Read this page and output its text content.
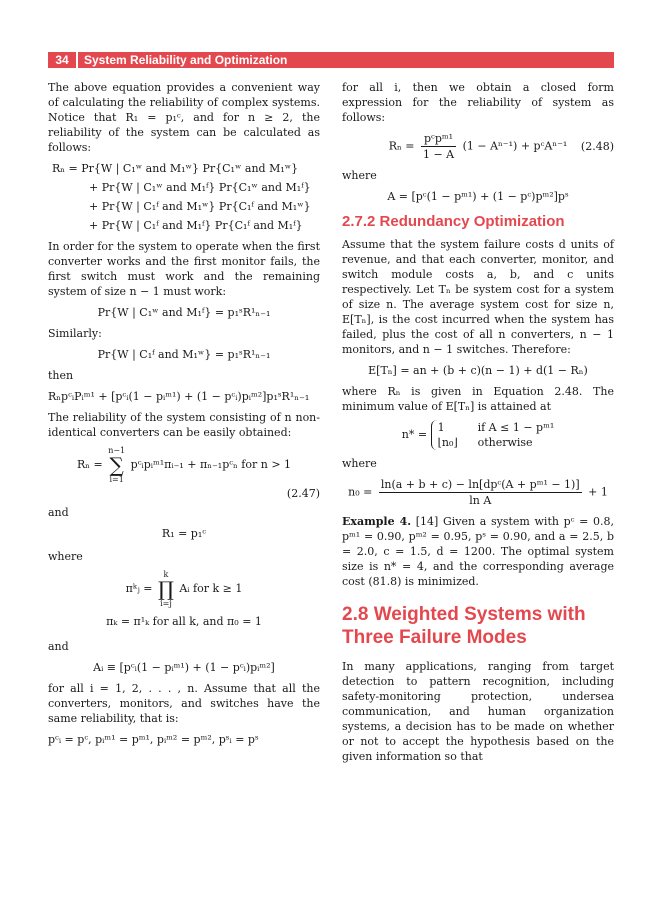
34	System Reliability and Optimization

The above equation provides a convenient way of calculating the reliability of complex systems. Notice that R₁ = p₁ᶜ, and for n ≥ 2, the reliability of the system can be calculated as follows:

Rₙ = Pr{W | C₁ʷ and M₁ʷ} Pr{C₁ʷ and M₁ʷ}
+ Pr{W | C₁ʷ and M₁ᶠ} Pr{C₁ʷ and M₁ᶠ}
+ Pr{W | C₁ᶠ and M₁ʷ} Pr{C₁ᶠ and M₁ʷ}
+ Pr{W | C₁ᶠ and M₁ᶠ} Pr{C₁ᶠ and M₁ᶠ}

In order for the system to operate when the first converter works and the first monitor fails, the first switch must work and the remaining system of size n − 1 must work:

Pr{W | C₁ʷ and M₁ᶠ} = p₁ˢR¹ₙ₋₁

Similarly:

Pr{W | C₁ᶠ and M₁ʷ} = p₁ˢR¹ₙ₋₁

then

RₙpᶜᵢPᵢᵐ¹ + [pᶜᵢ(1 − pᵢᵐ¹) + (1 − pᶜᵢ)pᵢᵐ²]p₁ˢR¹ₙ₋₁

The reliability of the system consisting of n non-identical converters can be easily obtained:

Rₙ =
n−1
∑
i=1
pᶜᵢpᵢᵐ¹πᵢ₋₁ + πₙ₋₁pᶜₙ for n > 1
(2.47)

and

R₁ = p₁ᶜ

where

πᵏⱼ =
k
∏
i=j
Aᵢ for k ≥ 1
πₖ = π¹ₖ for all k, and π₀ = 1

and

Aᵢ ≡ [pᶜᵢ(1 − pᵢᵐ¹) + (1 − pᶜᵢ)pᵢᵐ²]

for all i = 1, 2, . . . , n. Assume that all the converters, monitors, and switches have the same reliability, that is:

pᶜᵢ = pᶜ, pᵢᵐ¹ = pᵐ¹, pᵢᵐ² = pᵐ², pˢᵢ = pˢ

for all i, then we obtain a closed form expression for the reliability of system as follows:

$R_n = \frac{\text{pᶜpᵐ¹}}{1 - A} (1 - A^{n-1})$ + pᶜAⁿ⁻¹ (2.48)

where

A = [pᶜ(1 − pᵐ¹) + (1 − pᶜ)pᵐ²]pˢ
2.7.2 Redundancy Optimization

Assume that the system failure costs d units of revenue, and that each converter, monitor, and switch module costs a, b, and c units respectively. Let Tₙ be system cost for a system of size n. The average system cost for size n, E[Tₙ], is the cost incurred when the system has failed, plus the cost of all n converters, n − 1 monitors, and n − 1 switches. Therefore:

E[Tₙ] = an + (b + c)(n − 1) + d(1 − Rₙ)

where Rₙ is given in Equation 2.48. The minimum value of E[Tₙ] is attained at

n* =
1	if A ≤ 1 − pᵐ¹
⌊n₀⌋ otherwise

where

$n_0 = \frac{\text{ln(a + b + c) − ln[dpᶜ(A + pᵐ¹ − 1)]}}{\text{ln A}} + 1$

Example 4. [14] Given a system with pᶜ = 0.8, pᵐ¹ = 0.90, pᵐ² = 0.95, pˢ = 0.90, and a = 2.5, b = 2.0, c = 1.5, d = 1200. The optimal system size is n* = 4, and the corresponding average cost (81.8) is minimized.

2.8 Weighted Systems with
Three Failure Modes

In many applications, ranging from target detection to pattern recognition, including safety-monitoring protection, undersea communication, and human organization systems, a decision has to be made on whether or not to accept the hypothesis based on the given information so that
